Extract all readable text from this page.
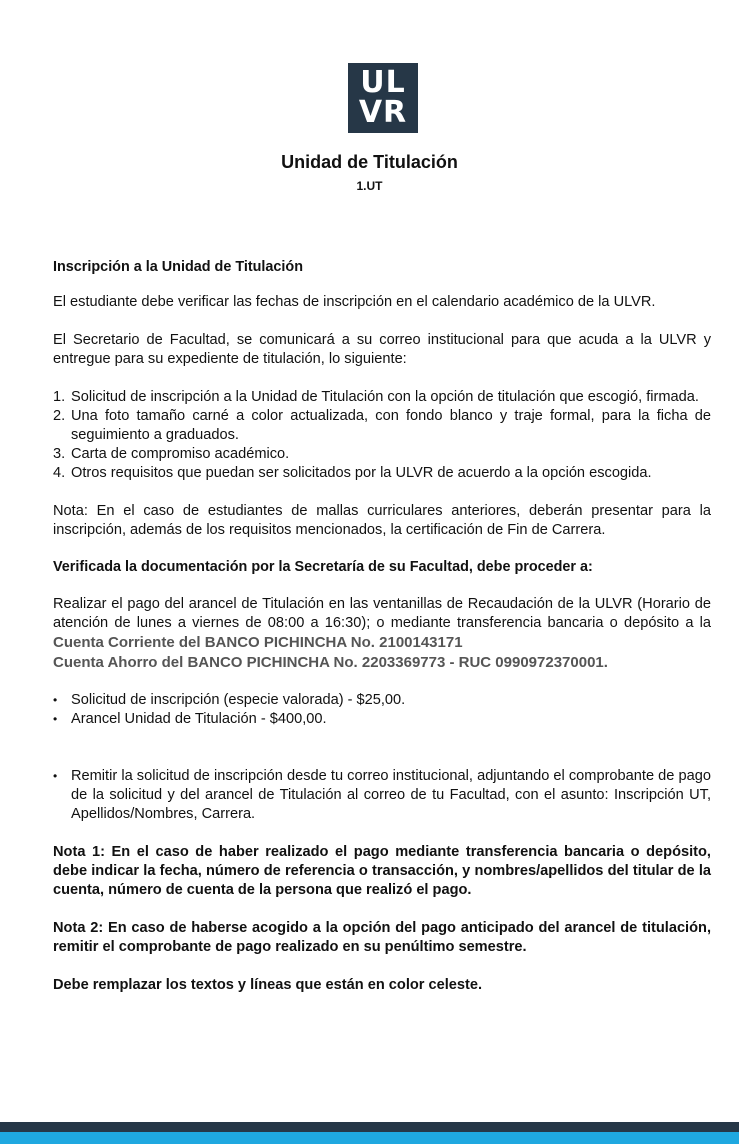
UL
VR
Unidad de Titulación
1.UT

Inscripción a la Unidad de Titulación

El estudiante debe verificar las fechas de inscripción en el calendario académico de la ULVR.

El Secretario de Facultad, se comunicará a su correo institucional para que acuda a la ULVR y entregue para su expediente de titulación, lo siguiente:

1. Solicitud de inscripción a la Unidad de Titulación con la opción de titulación que escogió, firmada.
2. Una foto tamaño carné a color actualizada, con fondo blanco y traje formal, para la ficha de seguimiento a graduados.
3. Carta de compromiso académico.
4. Otros requisitos que puedan ser solicitados por la ULVR de acuerdo a la opción escogida.

Nota: En el caso de estudiantes de mallas curriculares anteriores, deberán presentar para la inscripción, además de los requisitos mencionados, la certificación de Fin de Carrera.

Verificada la documentación por la Secretaría de su Facultad, debe proceder a:

Realizar el pago del arancel de Titulación en las ventanillas de Recaudación de la ULVR (Horario de atención de lunes a viernes de 08:00 a 16:30); o mediante transferencia bancaria o depósito a la Cuenta Corriente del BANCO PICHINCHA No. 2100143171

Cuenta Ahorro del BANCO PICHINCHA No. 2203369773 - RUC 0990972370001.

• Solicitud de inscripción (especie valorada) - $25,00.
• Arancel Unidad de Titulación - $400,00.
• Remitir la solicitud de inscripción desde tu correo institucional, adjuntando el comprobante de pago de la solicitud y del arancel de Titulación al correo de tu Facultad, con el asunto: Inscripción UT, Apellidos/Nombres, Carrera.

Nota 1: En el caso de haber realizado el pago mediante transferencia bancaria o depósito, debe indicar la fecha, número de referencia o transacción, y nombres/apellidos del titular de la cuenta, número de cuenta de la persona que realizó el pago.

Nota 2: En caso de haberse acogido a la opción del pago anticipado del arancel de titulación, remitir el comprobante de pago realizado en su penúltimo semestre.

Debe remplazar los textos y líneas que están en color celeste.
